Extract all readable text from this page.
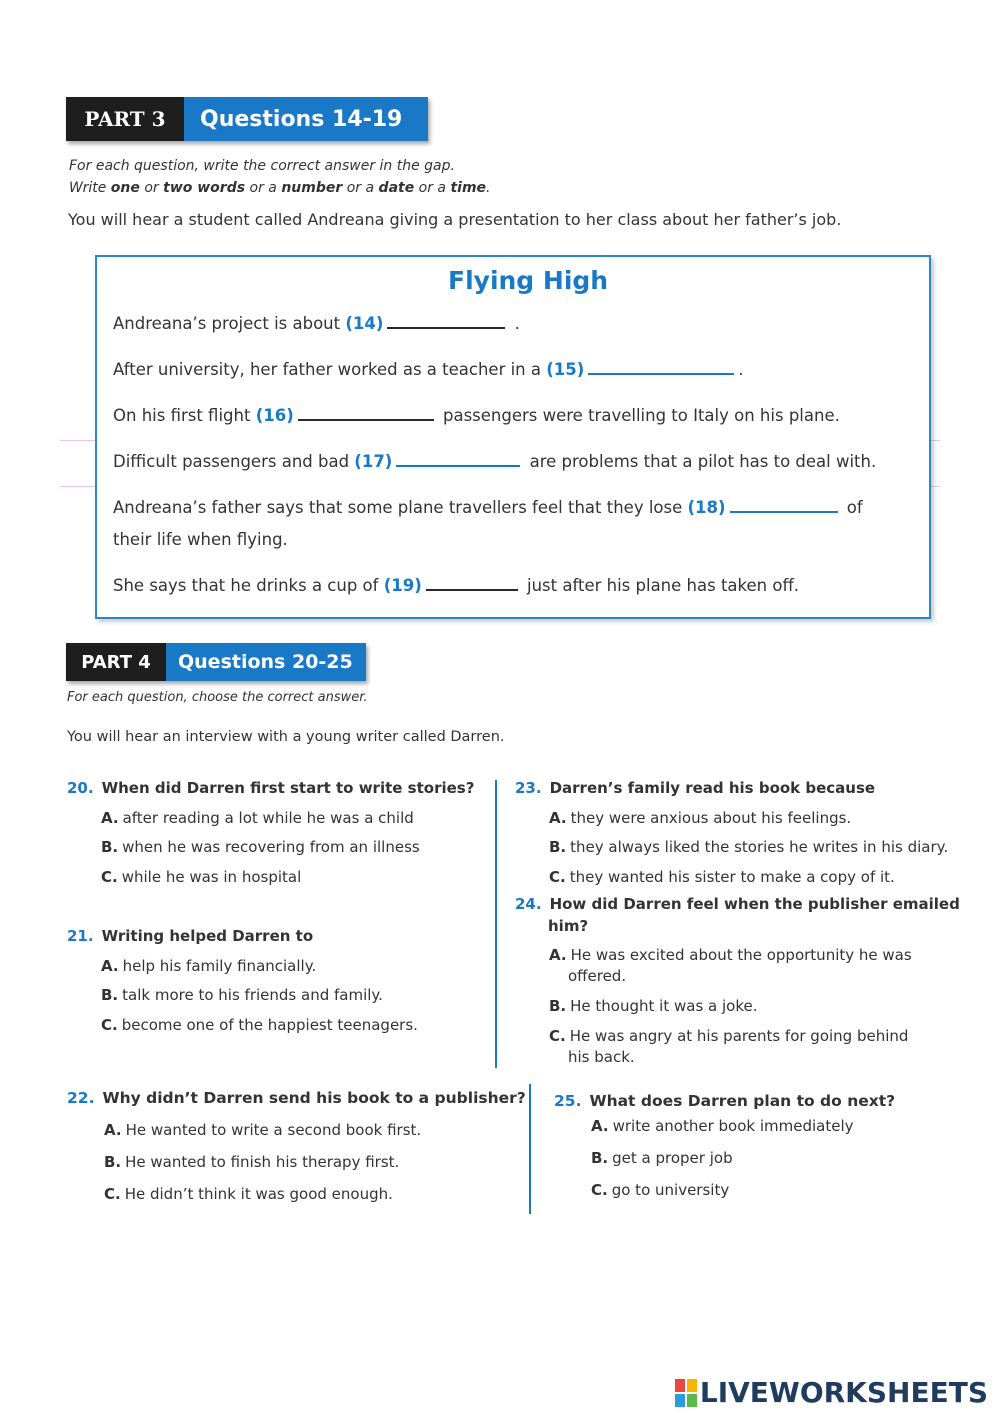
PART 3	Questions 14-19
For each question, write the correct answer in the gap.
Write one or two words or a number or a date or a time.
You will hear a student called Andreana giving a presentation to her class about her father’s job.
Flying High
Andreana’s project is about (14)	.
After university, her father worked as a teacher in a (15)	.
On his first flight (16)	passengers were travelling to Italy on his plane.
Difficult passengers and bad (17)	are problems that a pilot has to deal with.
Andreana’s father says that some plane travellers feel that they lose (18)	of
their life when flying.
She says that he drinks a cup of (19)	just after his plane has taken off.
PART 4	Questions 20-25
For each question, choose the correct answer.
You will hear an interview with a young writer called Darren.
20. When did Darren first start to write stories?
A. after reading a lot while he was a child
B. when he was recovering from an illness
C. while he was in hospital
21. Writing helped Darren to
A. help his family financially.
B. talk more to his friends and family.
C. become one of the happiest teenagers.
22. Why didn’t Darren send his book to a publisher?
A. He wanted to write a second book first.
B. He wanted to finish his therapy first.
C. He didn’t think it was good enough.
23. Darren’s family read his book because
A. they were anxious about his feelings.
B. they always liked the stories he writes in his diary.
C. they wanted his sister to make a copy of it.
24. How did Darren feel when the publisher emailed
him?
A. He was excited about the opportunity he was
offered.
B. He thought it was a joke.
C. He was angry at his parents for going behind
his back.
25. What does Darren plan to do next?
A. write another book immediately
B. get a proper job
C. go to university
LIVEWORKSHEETS
